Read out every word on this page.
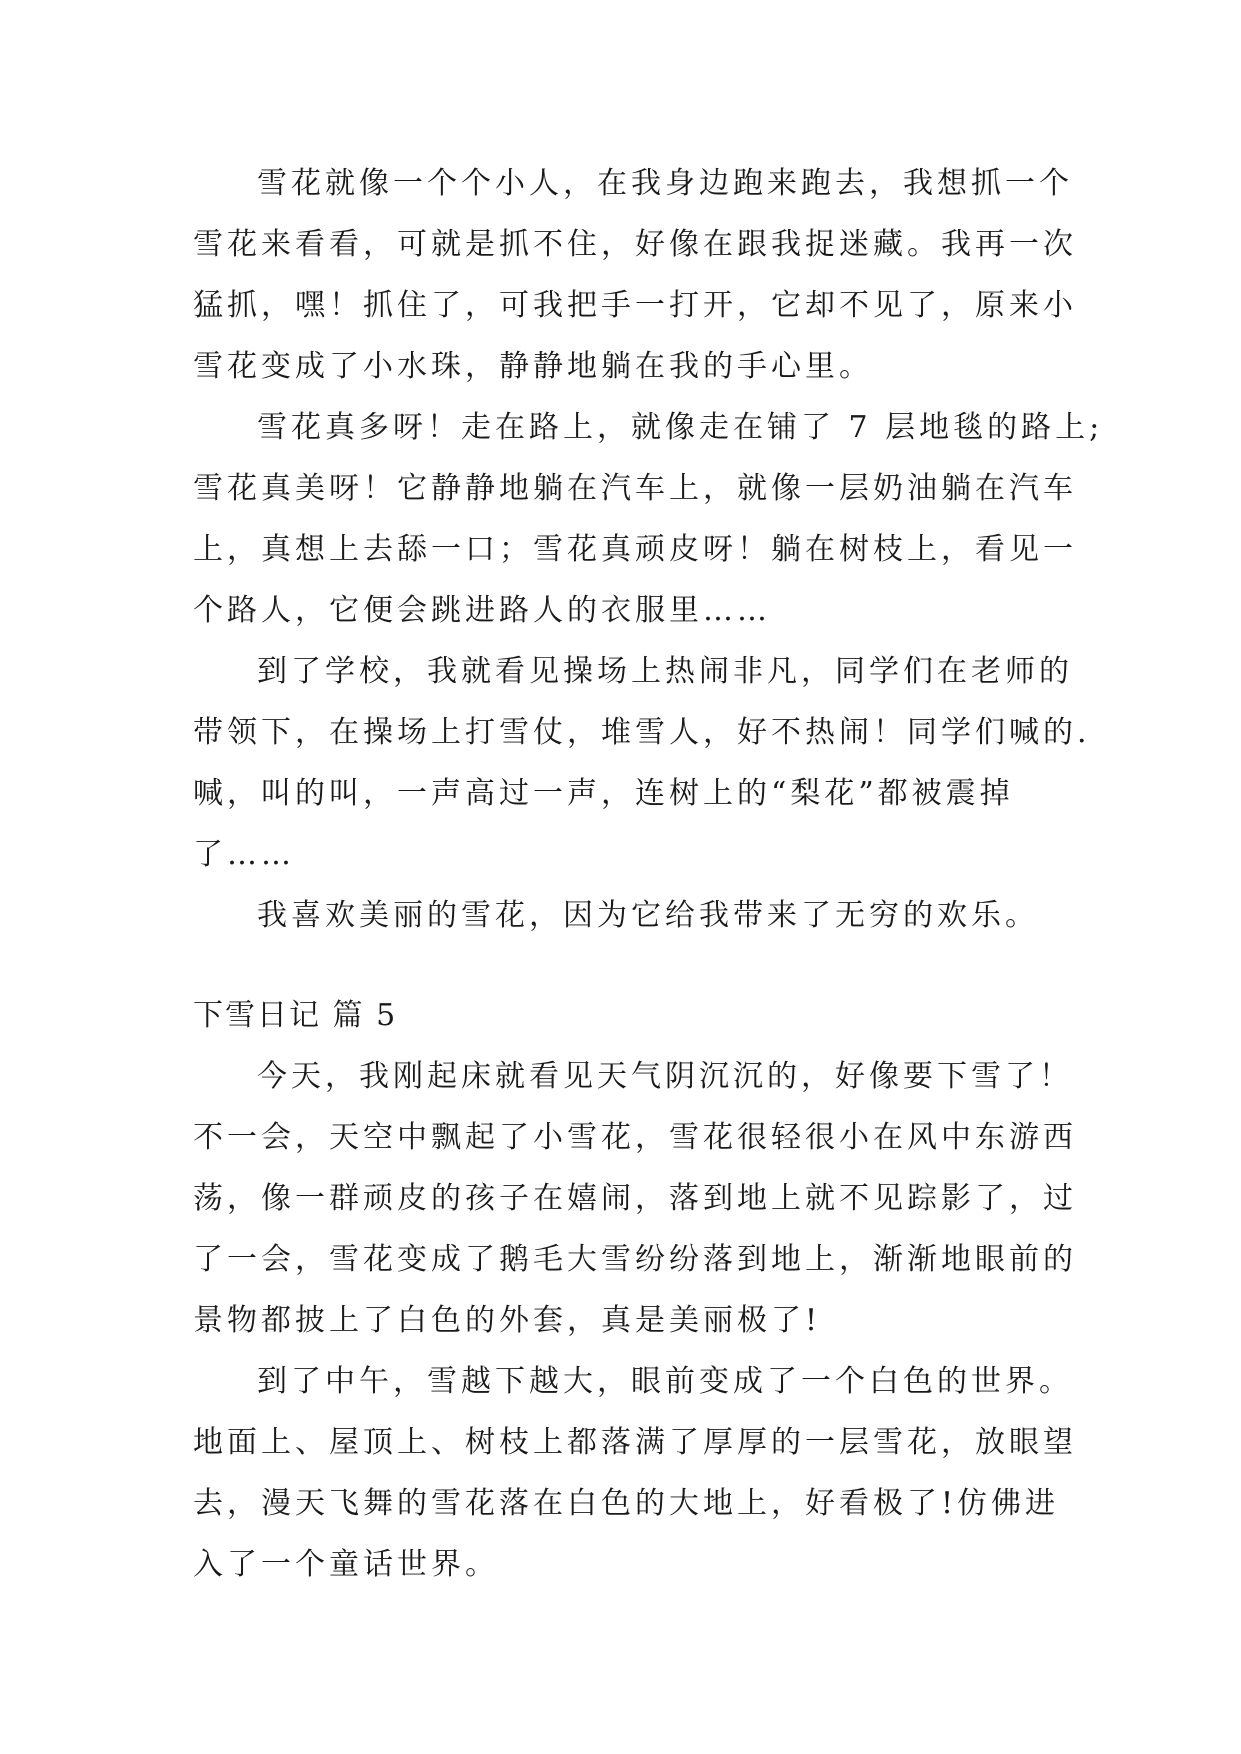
雪花就像一个个小人，在我身边跑来跑去，我想抓一个
雪花来看看，可就是抓不住，好像在跟我捉迷藏。我再一次
猛抓，嘿！抓住了，可我把手一打开，它却不见了，原来小
雪花变成了小水珠，静静地躺在我的手心里。
雪花真多呀！走在路上，就像走在铺了 7 层地毯的路上;
雪花真美呀！它静静地躺在汽车上，就像一层奶油躺在汽车
上，真想上去舔一口；雪花真顽皮呀！躺在树枝上，看见一
个路人，它便会跳进路人的衣服里……
到了学校，我就看见操场上热闹非凡，同学们在老师的
带领下，在操场上打雪仗，堆雪人，好不热闹！同学们喊的.
喊，叫的叫，一声高过一声，连树上的“梨花”都被震掉
了……
我喜欢美丽的雪花，因为它给我带来了无穷的欢乐。
下雪日记 篇 5
今天，我刚起床就看见天气阴沉沉的，好像要下雪了！
不一会，天空中飘起了小雪花，雪花很轻很小在风中东游西
荡，像一群顽皮的孩子在嬉闹，落到地上就不见踪影了，过
了一会，雪花变成了鹅毛大雪纷纷落到地上，渐渐地眼前的
景物都披上了白色的外套，真是美丽极了!
到了中午，雪越下越大，眼前变成了一个白色的世界。
地面上、屋顶上、树枝上都落满了厚厚的一层雪花，放眼望
去，漫天飞舞的雪花落在白色的大地上，好看极了!仿佛进
入了一个童话世界。
